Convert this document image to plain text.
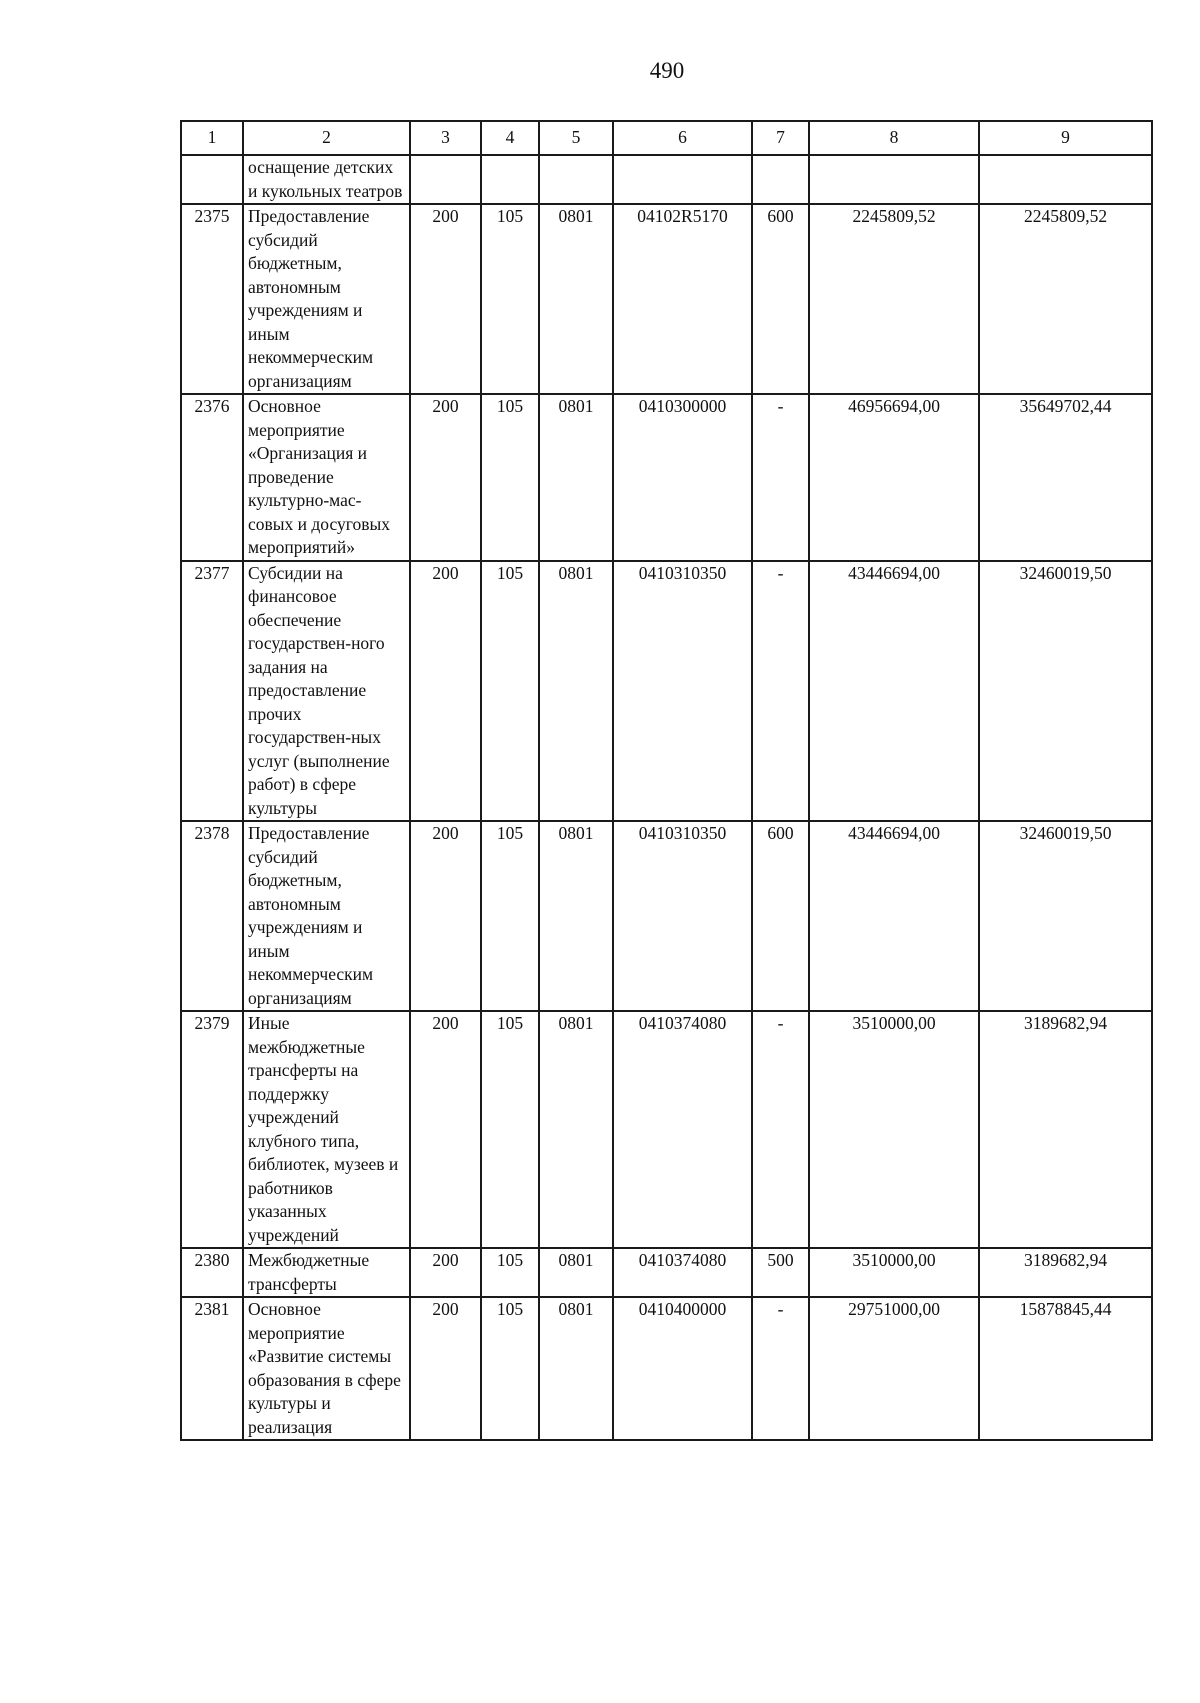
490
1	2	3	4	5	6	7	8	9
	оснащение детских и кукольных театров							
2375	Предоставление субсидий бюджетным, автономным учреждениям и иным некоммерческим организациям	200	105	0801	04102R5170	600	2245809,52	2245809,52
2376	Основное мероприятие «Организация и проведение культурно-мас-совых и досуговых мероприятий»	200	105	0801	0410300000	-	46956694,00	35649702,44
2377	Субсидии на финансовое обеспечение государствен-ного задания на предоставление прочих государствен-ных услуг (выполнение работ) в сфере культуры	200	105	0801	0410310350	-	43446694,00	32460019,50
2378	Предоставление субсидий бюджетным, автономным учреждениям и иным некоммерческим организациям	200	105	0801	0410310350	600	43446694,00	32460019,50
2379	Иные межбюджетные трансферты на поддержку учреждений клубного типа, библиотек, музеев и работников указанных учреждений	200	105	0801	0410374080	-	3510000,00	3189682,94
2380	Межбюджетные трансферты	200	105	0801	0410374080	500	3510000,00	3189682,94
2381	Основное мероприятие «Развитие системы образования в сфере культуры и реализация	200	105	0801	0410400000	-	29751000,00	15878845,44
